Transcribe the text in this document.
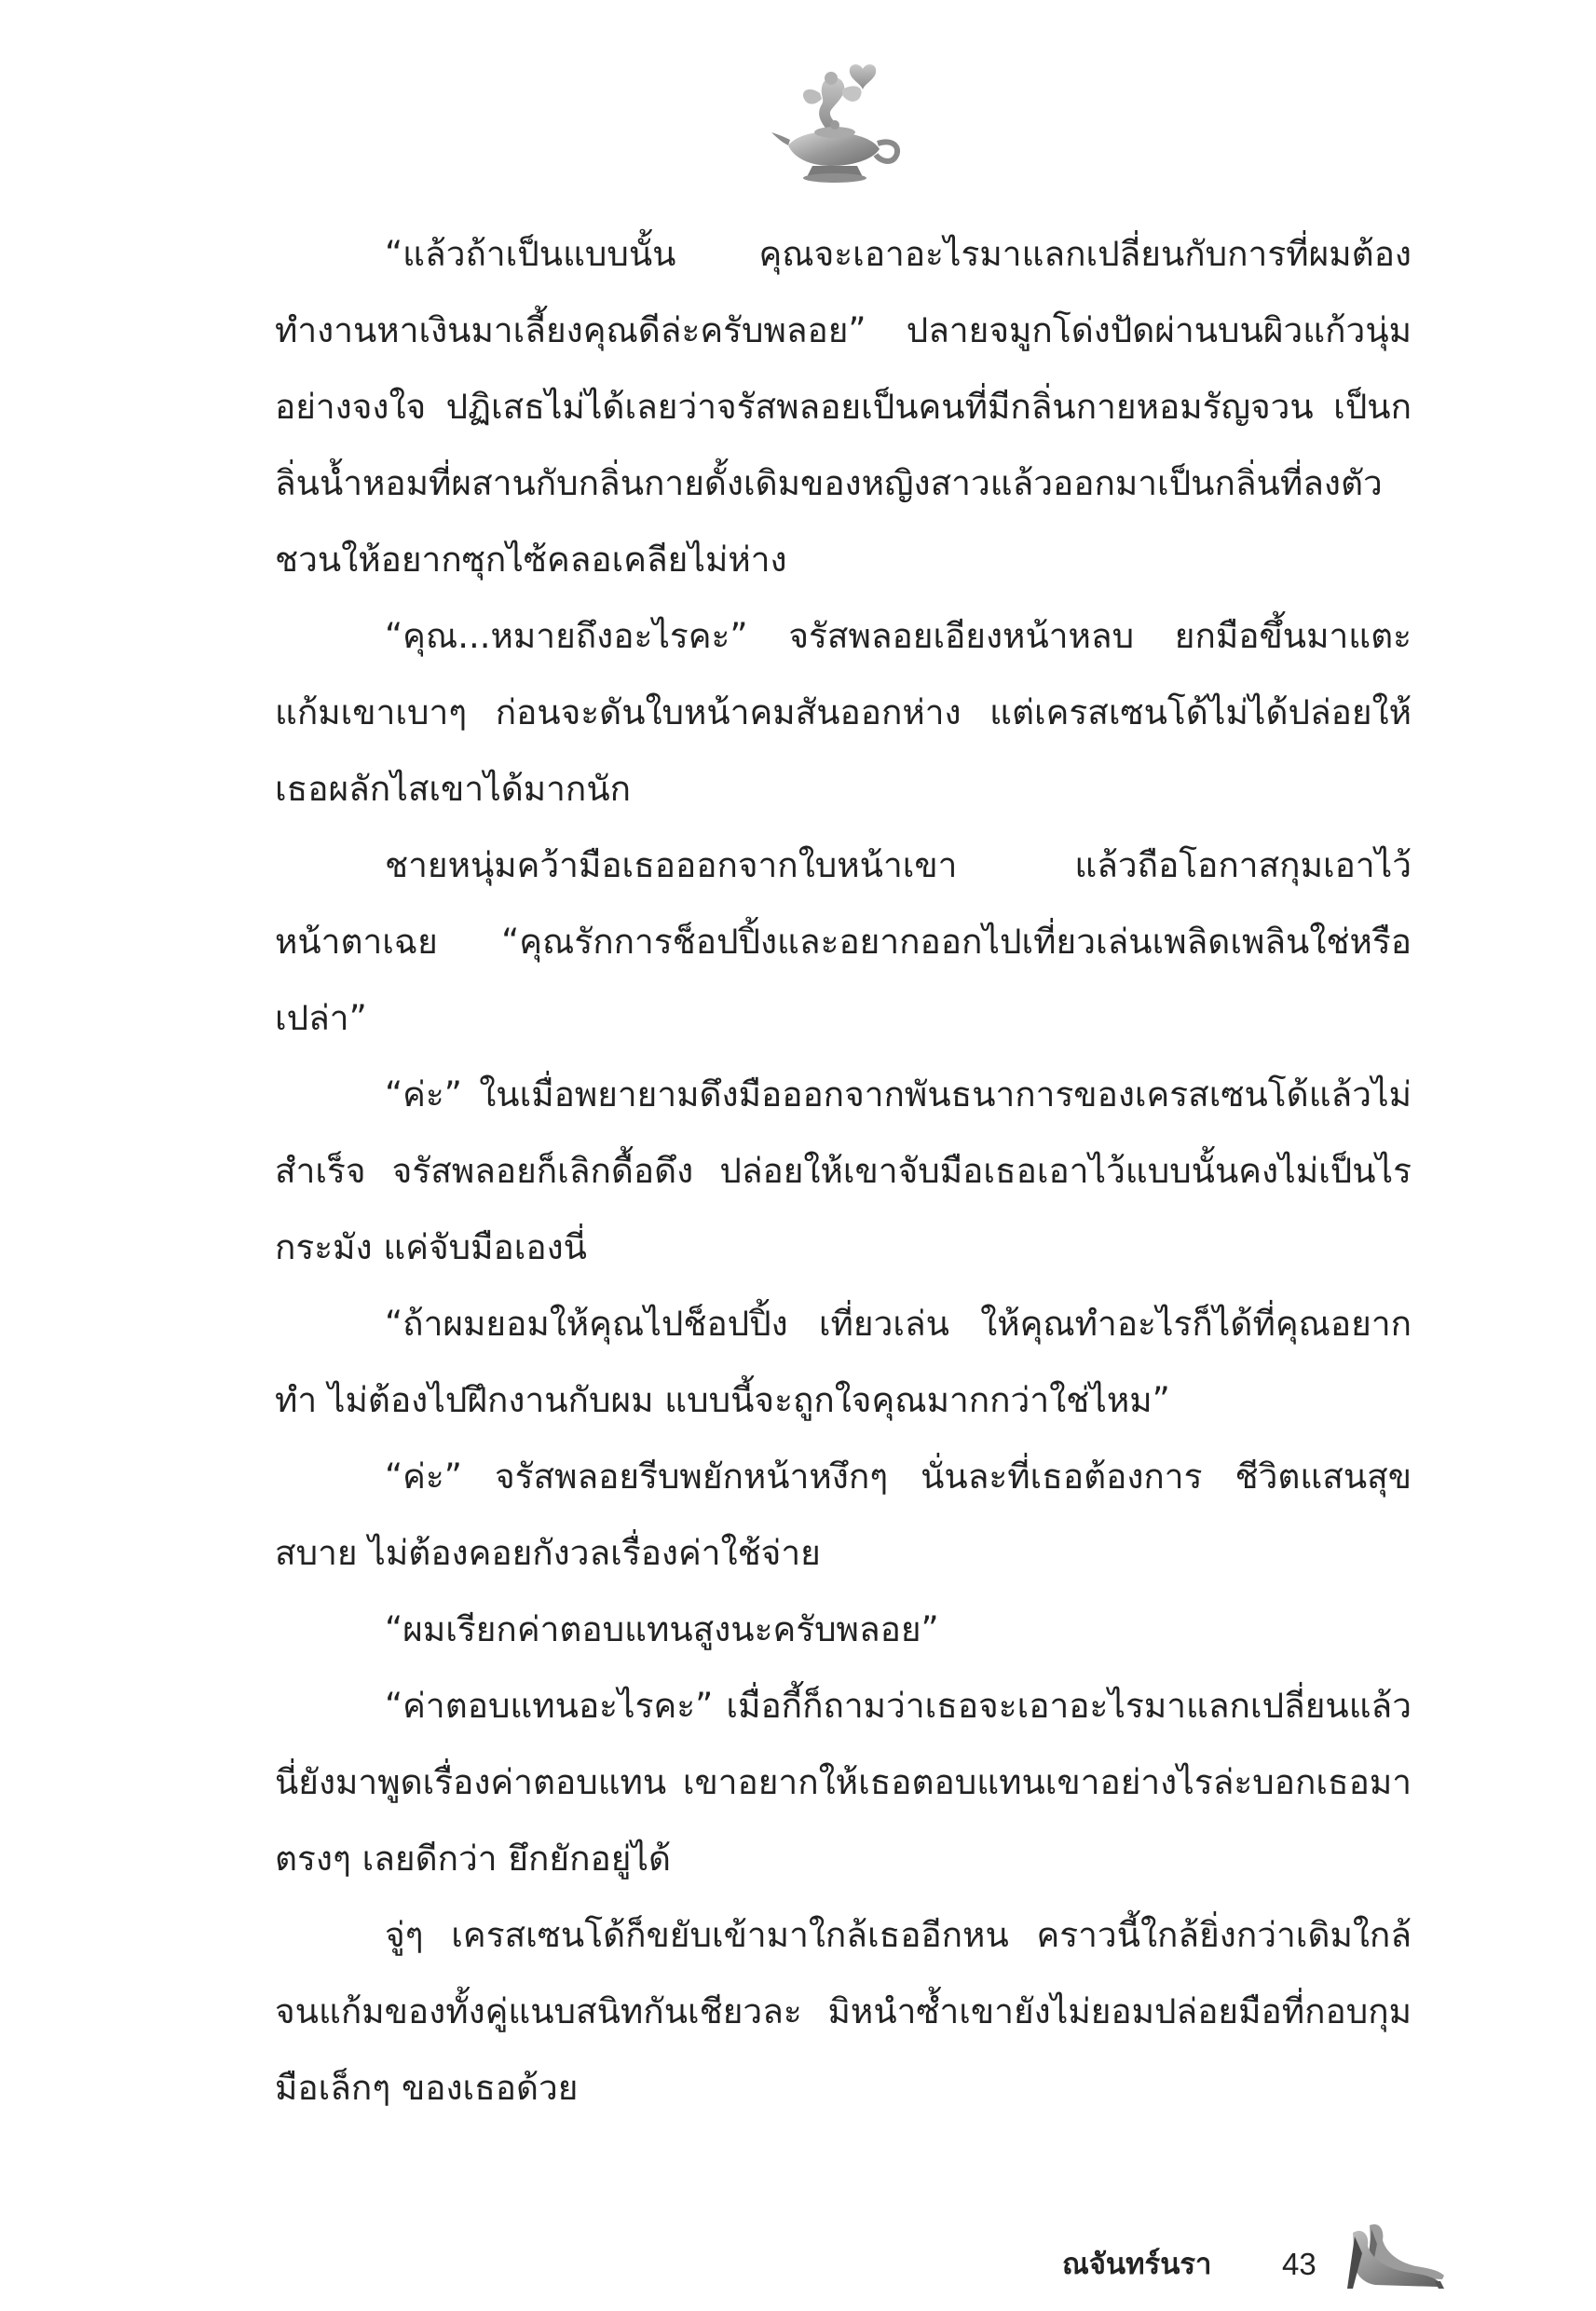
“แล้วถ้าเป็นแบบนั้น คุณจะเอาอะไรมาแลกเปลี่ยนกับการที่ผมต้องทำงานหาเงินมาเลี้ยงคุณดีล่ะครับพลอย” ปลายจมูกโด่งปัดผ่านบนผิวแก้วนุ่มอย่างจงใจ ปฏิเสธไม่ได้เลยว่าจรัสพลอยเป็นคนที่มีกลิ่นกายหอมรัญจวน เป็นกลิ่นน้ำหอมที่ผสานกับกลิ่นกายดั้งเดิมของหญิงสาวแล้วออกมาเป็นกลิ่นที่ลงตัว ชวนให้อยากซุกไซ้คลอเคลียไม่ห่าง

“คุณ...หมายถึงอะไรคะ” จรัสพลอยเอียงหน้าหลบ ยกมือขึ้นมาแตะแก้มเขาเบาๆ ก่อนจะดันใบหน้าคมสันออกห่าง แต่เครสเซนโด้ไม่ได้ปล่อยให้เธอผลักไสเขาได้มากนัก

ชายหนุ่มคว้ามือเธอออกจากใบหน้าเขา แล้วถือโอกาสกุมเอาไว้หน้าตาเฉย “คุณรักการช็อปปิ้งและอยากออกไปเที่ยวเล่นเพลิดเพลินใช่หรือเปล่า”

“ค่ะ” ในเมื่อพยายามดึงมือออกจากพันธนาการของเครสเซนโด้แล้วไม่สำเร็จ จรัสพลอยก็เลิกดื้อดึง ปล่อยให้เขาจับมือเธอเอาไว้แบบนั้นคงไม่เป็นไรกระมัง แค่จับมือเองนี่

“ถ้าผมยอมให้คุณไปช็อปปิ้ง เที่ยวเล่น ให้คุณทำอะไรก็ได้ที่คุณอยากทำ ไม่ต้องไปฝึกงานกับผม แบบนี้จะถูกใจคุณมากกว่าใช่ไหม”

“ค่ะ” จรัสพลอยรีบพยักหน้าหงึกๆ นั่นละที่เธอต้องการ ชีวิตแสนสุขสบาย ไม่ต้องคอยกังวลเรื่องค่าใช้จ่าย

“ผมเรียกค่าตอบแทนสูงนะครับพลอย”

“ค่าตอบแทนอะไรคะ” เมื่อกี้ก็ถามว่าเธอจะเอาอะไรมาแลกเปลี่ยนแล้วนี่ยังมาพูดเรื่องค่าตอบแทน เขาอยากให้เธอตอบแทนเขาอย่างไรล่ะบอกเธอมาตรงๆ เลยดีกว่า ยึกยักอยู่ได้

จู่ๆ เครสเซนโด้ก็ขยับเข้ามาใกล้เธออีกหน คราวนี้ใกล้ยิ่งกว่าเดิมใกล้จนแก้มของทั้งคู่แนบสนิทกันเชียวละ มิหนำซ้ำเขายังไม่ยอมปล่อยมือที่กอบกุมมือเล็กๆ ของเธอด้วย

ณจันทร์นรา 43
